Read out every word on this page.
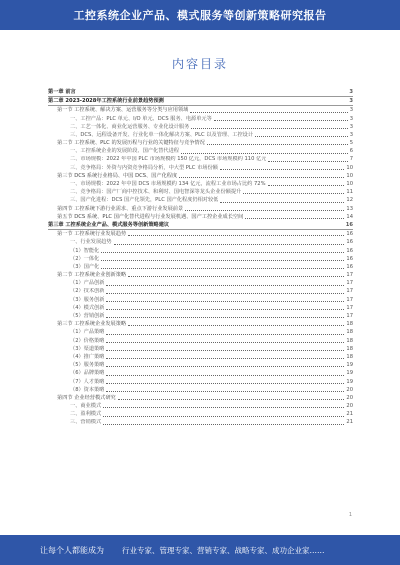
工控系统企业产品、模式服务等创新策略研究报告
内容目录
第一章 前言	3
第二章 2023-2028年工控系统行业前景趋势预测	3
第一节 工控系统、解决方案、运营服务等分类与应用领域	3
一、工控产品：PLC 单元、I/O 单元、DCS 服务、电源单元等	3
二、工艺一体化、商业化运营服务、专业化设计服务	3
三、DCS、远程设备开发、行业化单一体化解决方案、PLC 以及管理、工控设计	3
第二节 工控系统、PLC 的发展历程与行业的关键特征与竞争情况	5
一、工控系统企业的发展阶段、国产化替代进程	6
二、市场规模：2022 年中国 PLC 市场规模约 150 亿元，DCS 市场规模约 110 亿元	7
三、竞争格局：外资与内资竞争格局分析，中大型 PLC 市场份额	10
第三节 DCS 系统行业格局、中国 DCS、国产化程度	10
一、市场规模：2022 年中国 DCS 市场规模约 134 亿元，流程工业市场占比约 72%	10
二、竞争格局：国产厂商中控技术、和利时、国电智深等龙头企业份额提升	11
三、国产化进程：DCS 国产化领先，PLC 国产化程度仍相对较低	12
第四节 工控系统下游行业需求、重点下游行业发展前景	13
第五节 DCS 系统、PLC 国产化替代进程与行业发展机遇、国产工控企业成长空间	14
第三章 工控系统企业产品、模式服务等创新策略建议	16
第一节 工控系统行业发展趋势	16
一、行业发展趋势	16
（1）智能化	16
（2）一体化	16
（3）国产化	16
第二节 工控系统企业创新策略	17
（1）产品创新	17
（2）技术创新	17
（3）服务创新	17
（4）模式创新	17
（5）营销创新	17
第三节 工控系统企业发展策略	18
（1）产品策略	18
（2）价格策略	18
（3）渠道策略	18
（4）推广策略	18
（5）服务策略	19
（6）品牌策略	19
（7）人才策略	19
（8）资本策略	20
第四节 企业经营模式研究	20
一、商业模式	20
二、盈利模式	21
三、营销模式	21
1
让每个人都能成为	行业专家、管理专家、营销专家、战略专家、成功企业家……
